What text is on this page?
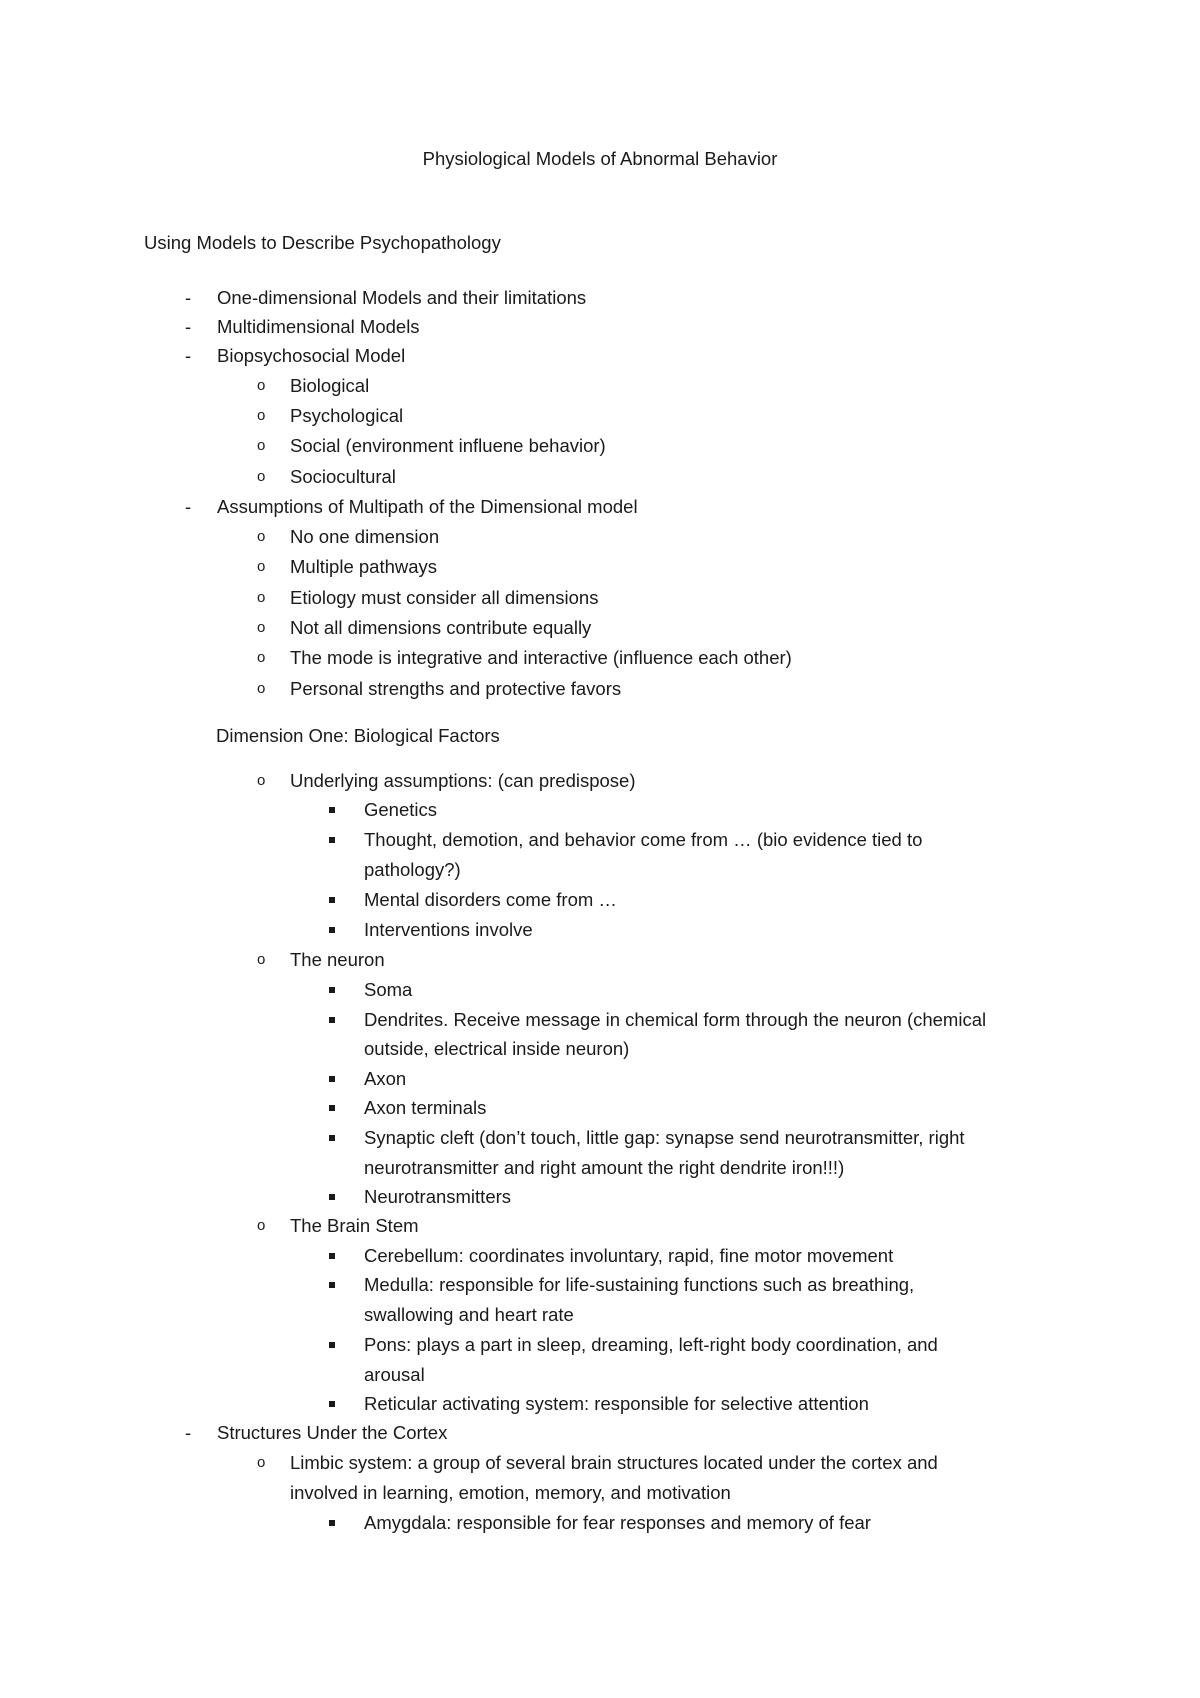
Physiological Models of Abnormal Behavior
Using Models to Describe Psychopathology
-	One-dimensional Models and their limitations
-	Multidimensional Models
-	Biopsychosocial Model
o Biological
o Psychological
o Social (environment influene behavior)
o Sociocultural
-	Assumptions of Multipath of the Dimensional model
o No one dimension
o Multiple pathways
o Etiology must consider all dimensions
o Not all dimensions contribute equally
o The mode is integrative and interactive (influence each other)
o Personal strengths and protective favors
Dimension One: Biological Factors
o Underlying assumptions: (can predispose)
Genetics
Thought, demotion, and behavior come from … (bio evidence tied to
pathology?)
Mental disorders come from …
Interventions involve
o The neuron
Soma
Dendrites. Receive message in chemical form through the neuron (chemical
outside, electrical inside neuron)
Axon
Axon terminals
Synaptic cleft (don’t touch, little gap: synapse send neurotransmitter, right
neurotransmitter and right amount the right dendrite iron!!!)
Neurotransmitters
o The Brain Stem
Cerebellum: coordinates involuntary, rapid, fine motor movement
Medulla: responsible for life-sustaining functions such as breathing,
swallowing and heart rate
Pons: plays a part in sleep, dreaming, left-right body coordination, and
arousal
Reticular activating system: responsible for selective attention
-	Structures Under the Cortex
o Limbic system: a group of several brain structures located under the cortex and
involved in learning, emotion, memory, and motivation
Amygdala: responsible for fear responses and memory of fear
